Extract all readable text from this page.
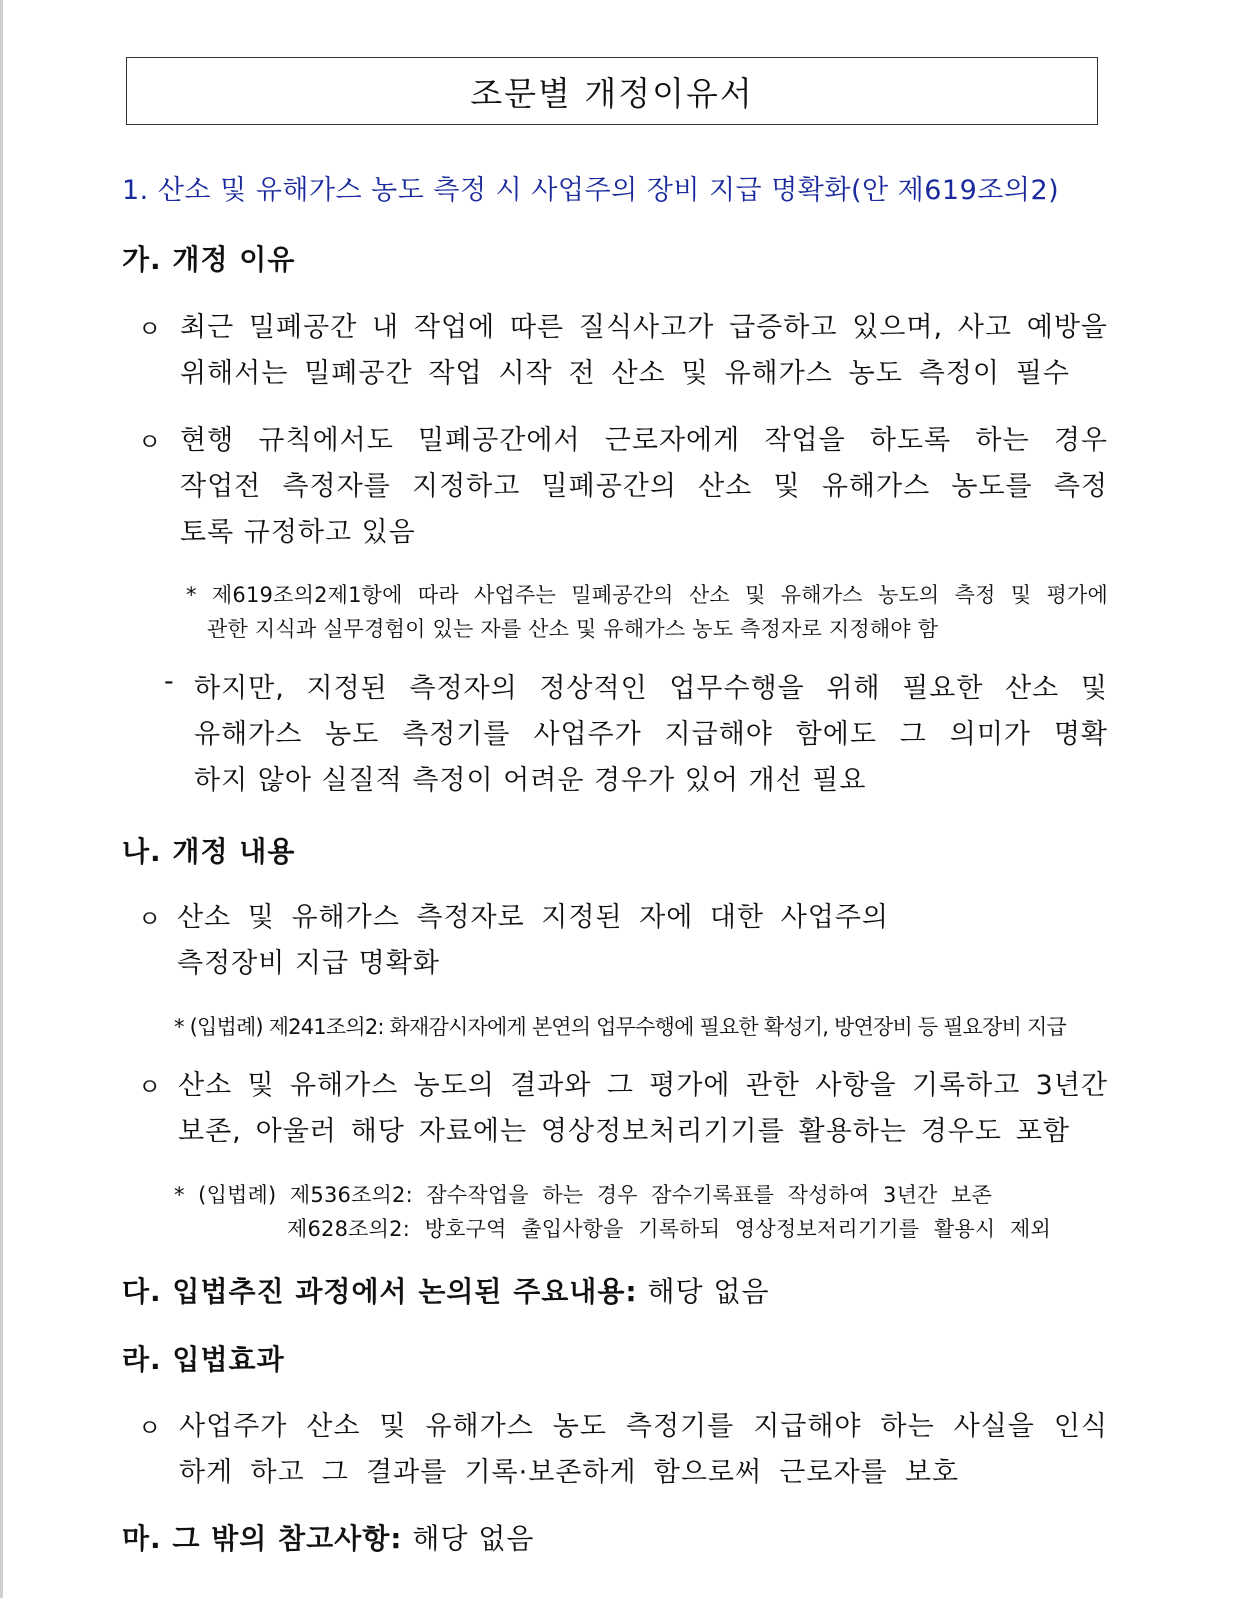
조문별 개정이유서
1. 산소 및 유해가스 농도 측정 시 사업주의 장비 지급 명확화(안 제619조의2)
가. 개정 이유
ㅇ 최근 밀폐공간 내 작업에 따른 질식사고가 급증하고 있으며, 사고 예방을
위해서는 밀폐공간 작업 시작 전 산소 및 유해가스 농도 측정이 필수
ㅇ 현행 규칙에서도 밀폐공간에서 근로자에게 작업을 하도록 하는 경우
작업전 측정자를 지정하고 밀폐공간의 산소 및 유해가스 농도를 측정
토록 규정하고 있음
* 제619조의2제1항에 따라 사업주는 밀폐공간의 산소 및 유해가스 농도의 측정 및 평가에
관한 지식과 실무경험이 있는 자를 산소 및 유해가스 농도 측정자로 지정해야 함
- 하지만, 지정된 측정자의 정상적인 업무수행을 위해 필요한 산소 및
유해가스 농도 측정기를 사업주가 지급해야 함에도 그 의미가 명확
하지 않아 실질적 측정이 어려운 경우가 있어 개선 필요
나. 개정 내용
ㅇ 산소 및 유해가스 측정자로 지정된 자에 대한 사업주의
측정장비 지급 명확화
* (입법례) 제241조의2: 화재감시자에게 본연의 업무수행에 필요한 확성기, 방연장비 등 필요장비 지급
ㅇ 산소 및 유해가스 농도의 결과와 그 평가에 관한 사항을 기록하고 3년간
보존, 아울러 해당 자료에는 영상정보처리기기를 활용하는 경우도 포함
* (입법례) 제536조의2: 잠수작업을 하는 경우 잠수기록표를 작성하여 3년간 보존
제628조의2: 방호구역 출입사항을 기록하되 영상정보저리기기를 활용시 제외
다. 입법추진 과정에서 논의된 주요내용: 해당 없음
라. 입법효과
ㅇ 사업주가 산소 및 유해가스 농도 측정기를 지급해야 하는 사실을 인식
하게 하고 그 결과를 기록·보존하게 함으로써 근로자를 보호
마. 그 밖의 참고사항: 해당 없음
